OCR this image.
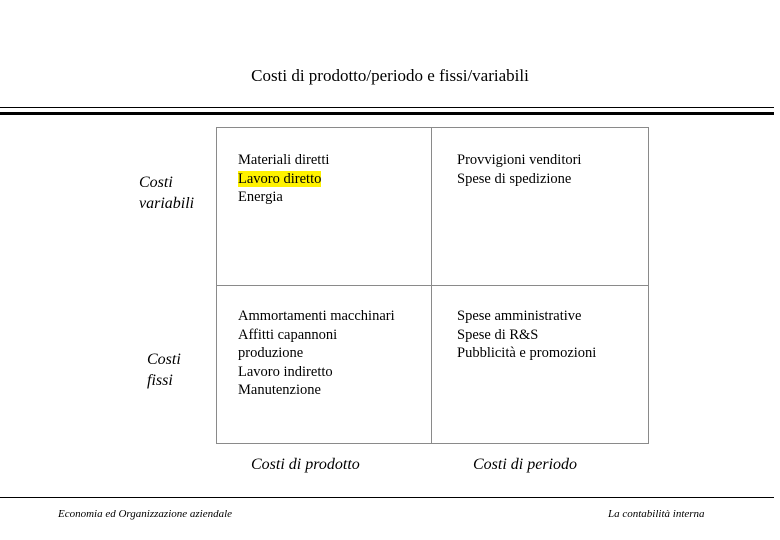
Costi di prodotto/periodo e fissi/variabili
Materiali diretti
Lavoro diretto
Energia
Provvigioni venditori
Spese di spedizione
Ammortamenti macchinari
Affitti capannoni
produzione
Lavoro indiretto
Manutenzione
Spese amministrative
Spese di R&S
Pubblicità e promozioni
Costi
variabili
Costi
fissi
Costi di prodotto	Costi di periodo
Economia ed Organizzazione aziendale	La contabilità interna
